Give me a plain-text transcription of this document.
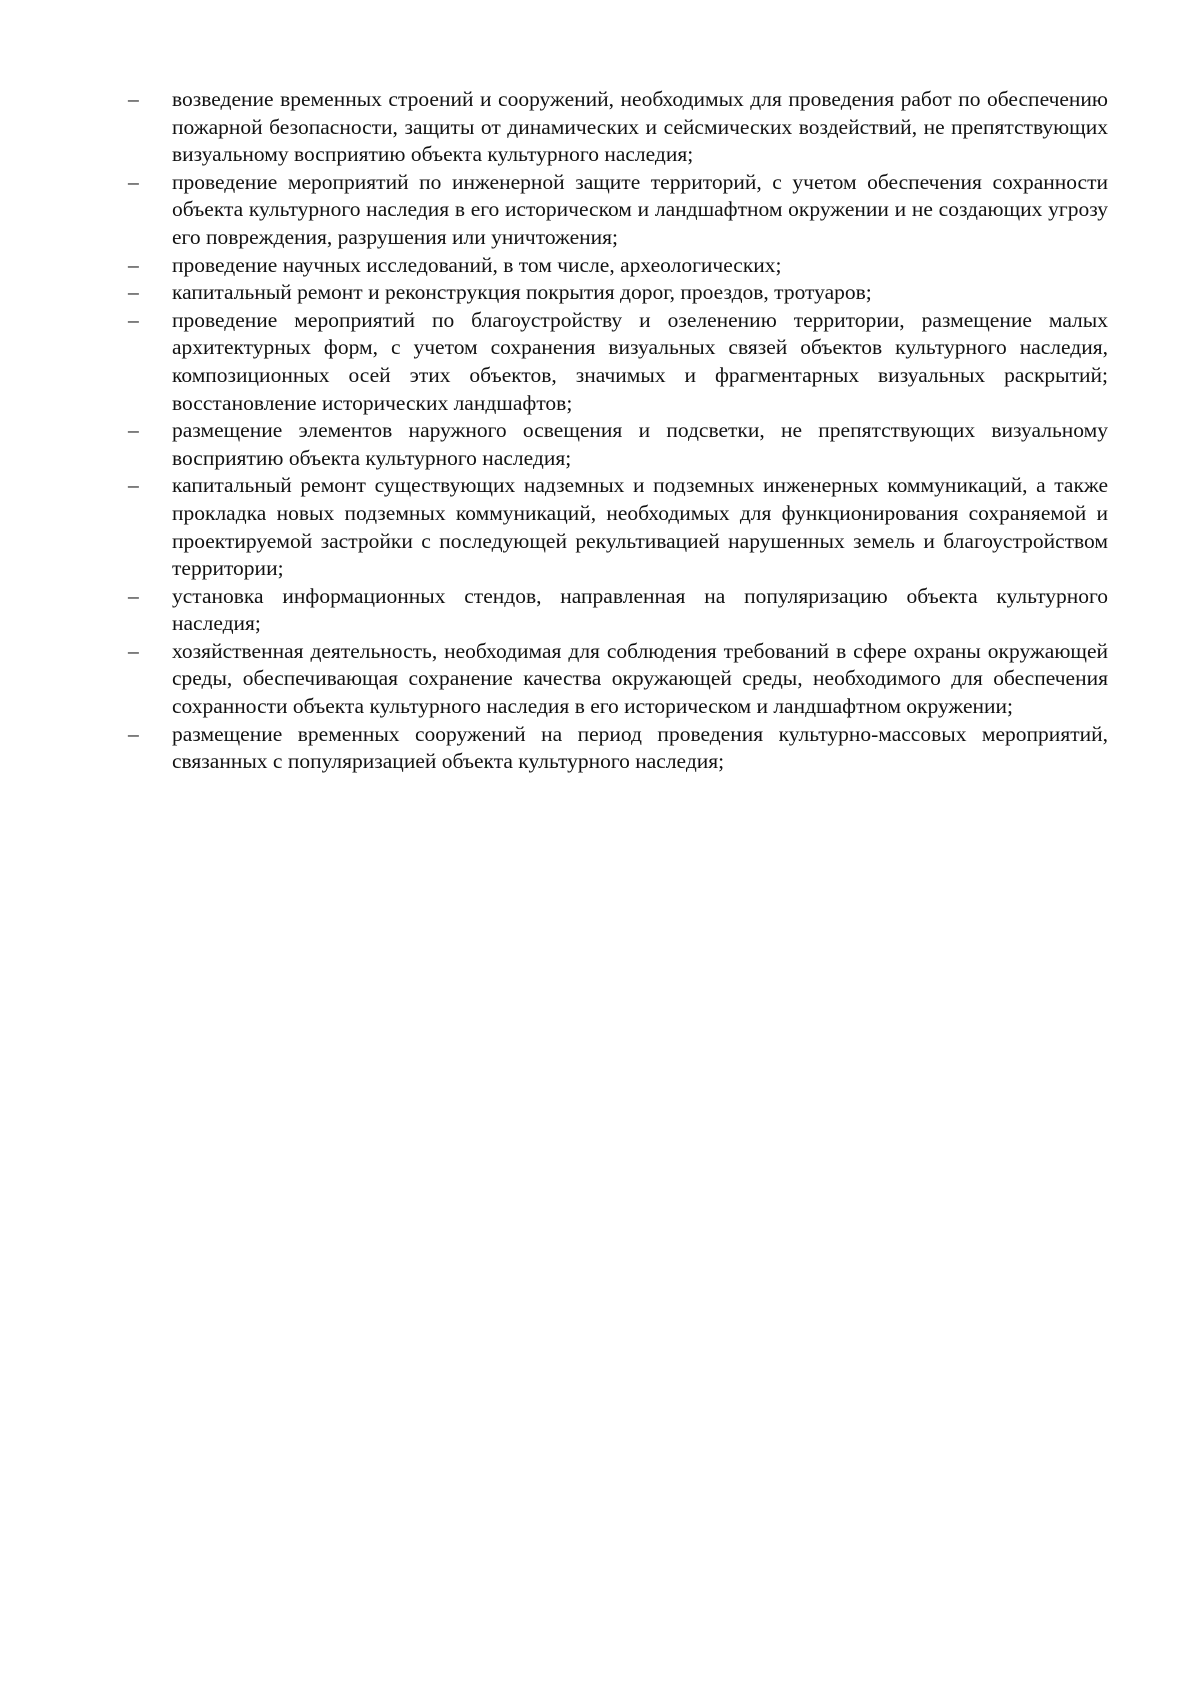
–	возведение временных строений и сооружений, необходимых для проведения работ по обеспечению пожарной безопасности, защиты от динамических и сейсмических воздействий, не препятствующих визуальному восприятию объекта культурного наследия;
–	проведение мероприятий по инженерной защите территорий, с учетом обеспечения сохранности объекта культурного наследия в его историческом и ландшафтном окружении и не создающих угрозу его повреждения, разрушения или уничтожения;
–	проведение научных исследований, в том числе, археологических;
–	капитальный ремонт и реконструкция покрытия дорог, проездов, тротуаров;
–	проведение мероприятий по благоустройству и озеленению территории, размещение малых архитектурных форм, с учетом сохранения визуальных связей объектов культурного наследия, композиционных осей этих объектов, значимых и фрагментарных визуальных раскрытий; восстановление исторических ландшафтов;
–	размещение элементов наружного освещения и подсветки, не препятствующих визуальному восприятию объекта культурного наследия;
–	капитальный ремонт существующих надземных и подземных инженерных коммуникаций, а также прокладка новых подземных коммуникаций, необходимых для функционирования сохраняемой и проектируемой застройки с последующей рекультивацией нарушенных земель и благоустройством территории;
–	установка информационных стендов, направленная на популяризацию объекта культурного наследия;
–	хозяйственная деятельность, необходимая для соблюдения требований в сфере охраны окружающей среды, обеспечивающая сохранение качества окружающей среды, необходимого для обеспечения сохранности объекта культурного наследия в его историческом и ландшафтном окружении;
–	размещение временных сооружений на период проведения культурно-массовых мероприятий, связанных с популяризацией объекта культурного наследия;
